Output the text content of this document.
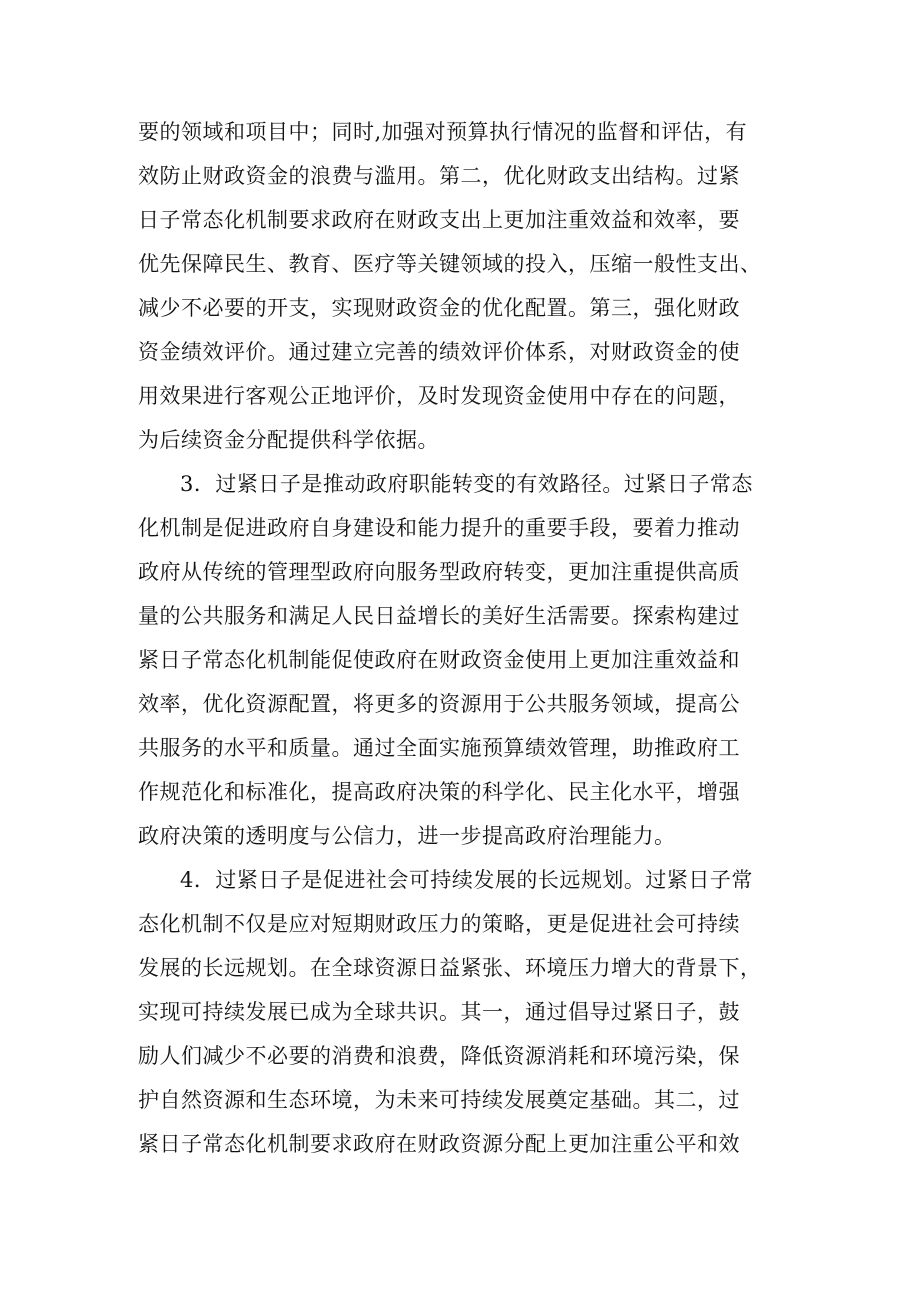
要的领域和项目中；同时,加强对预算执行情况的监督和评估，有
效防止财政资金的浪费与滥用。第二，优化财政支出结构。过紧
日子常态化机制要求政府在财政支出上更加注重效益和效率，要
优先保障民生、教育、医疗等关键领域的投入，压缩一般性支出、
减少不必要的开支，实现财政资金的优化配置。第三，强化财政
资金绩效评价。通过建立完善的绩效评价体系，对财政资金的使
用效果进行客观公正地评价，及时发现资金使用中存在的问题，
为后续资金分配提供科学依据。
3．过紧日子是推动政府职能转变的有效路径。过紧日子常态
化机制是促进政府自身建设和能力提升的重要手段，要着力推动
政府从传统的管理型政府向服务型政府转变，更加注重提供高质
量的公共服务和满足人民日益增长的美好生活需要。探索构建过
紧日子常态化机制能促使政府在财政资金使用上更加注重效益和
效率，优化资源配置，将更多的资源用于公共服务领域，提高公
共服务的水平和质量。通过全面实施预算绩效管理，助推政府工
作规范化和标准化，提高政府决策的科学化、民主化水平，增强
政府决策的透明度与公信力，进一步提高政府治理能力。
4．过紧日子是促进社会可持续发展的长远规划。过紧日子常
态化机制不仅是应对短期财政压力的策略，更是促进社会可持续
发展的长远规划。在全球资源日益紧张、环境压力增大的背景下，
实现可持续发展已成为全球共识。其一，通过倡导过紧日子，鼓
励人们减少不必要的消费和浪费，降低资源消耗和环境污染，保
护自然资源和生态环境，为未来可持续发展奠定基础。其二，过
紧日子常态化机制要求政府在财政资源分配上更加注重公平和效
